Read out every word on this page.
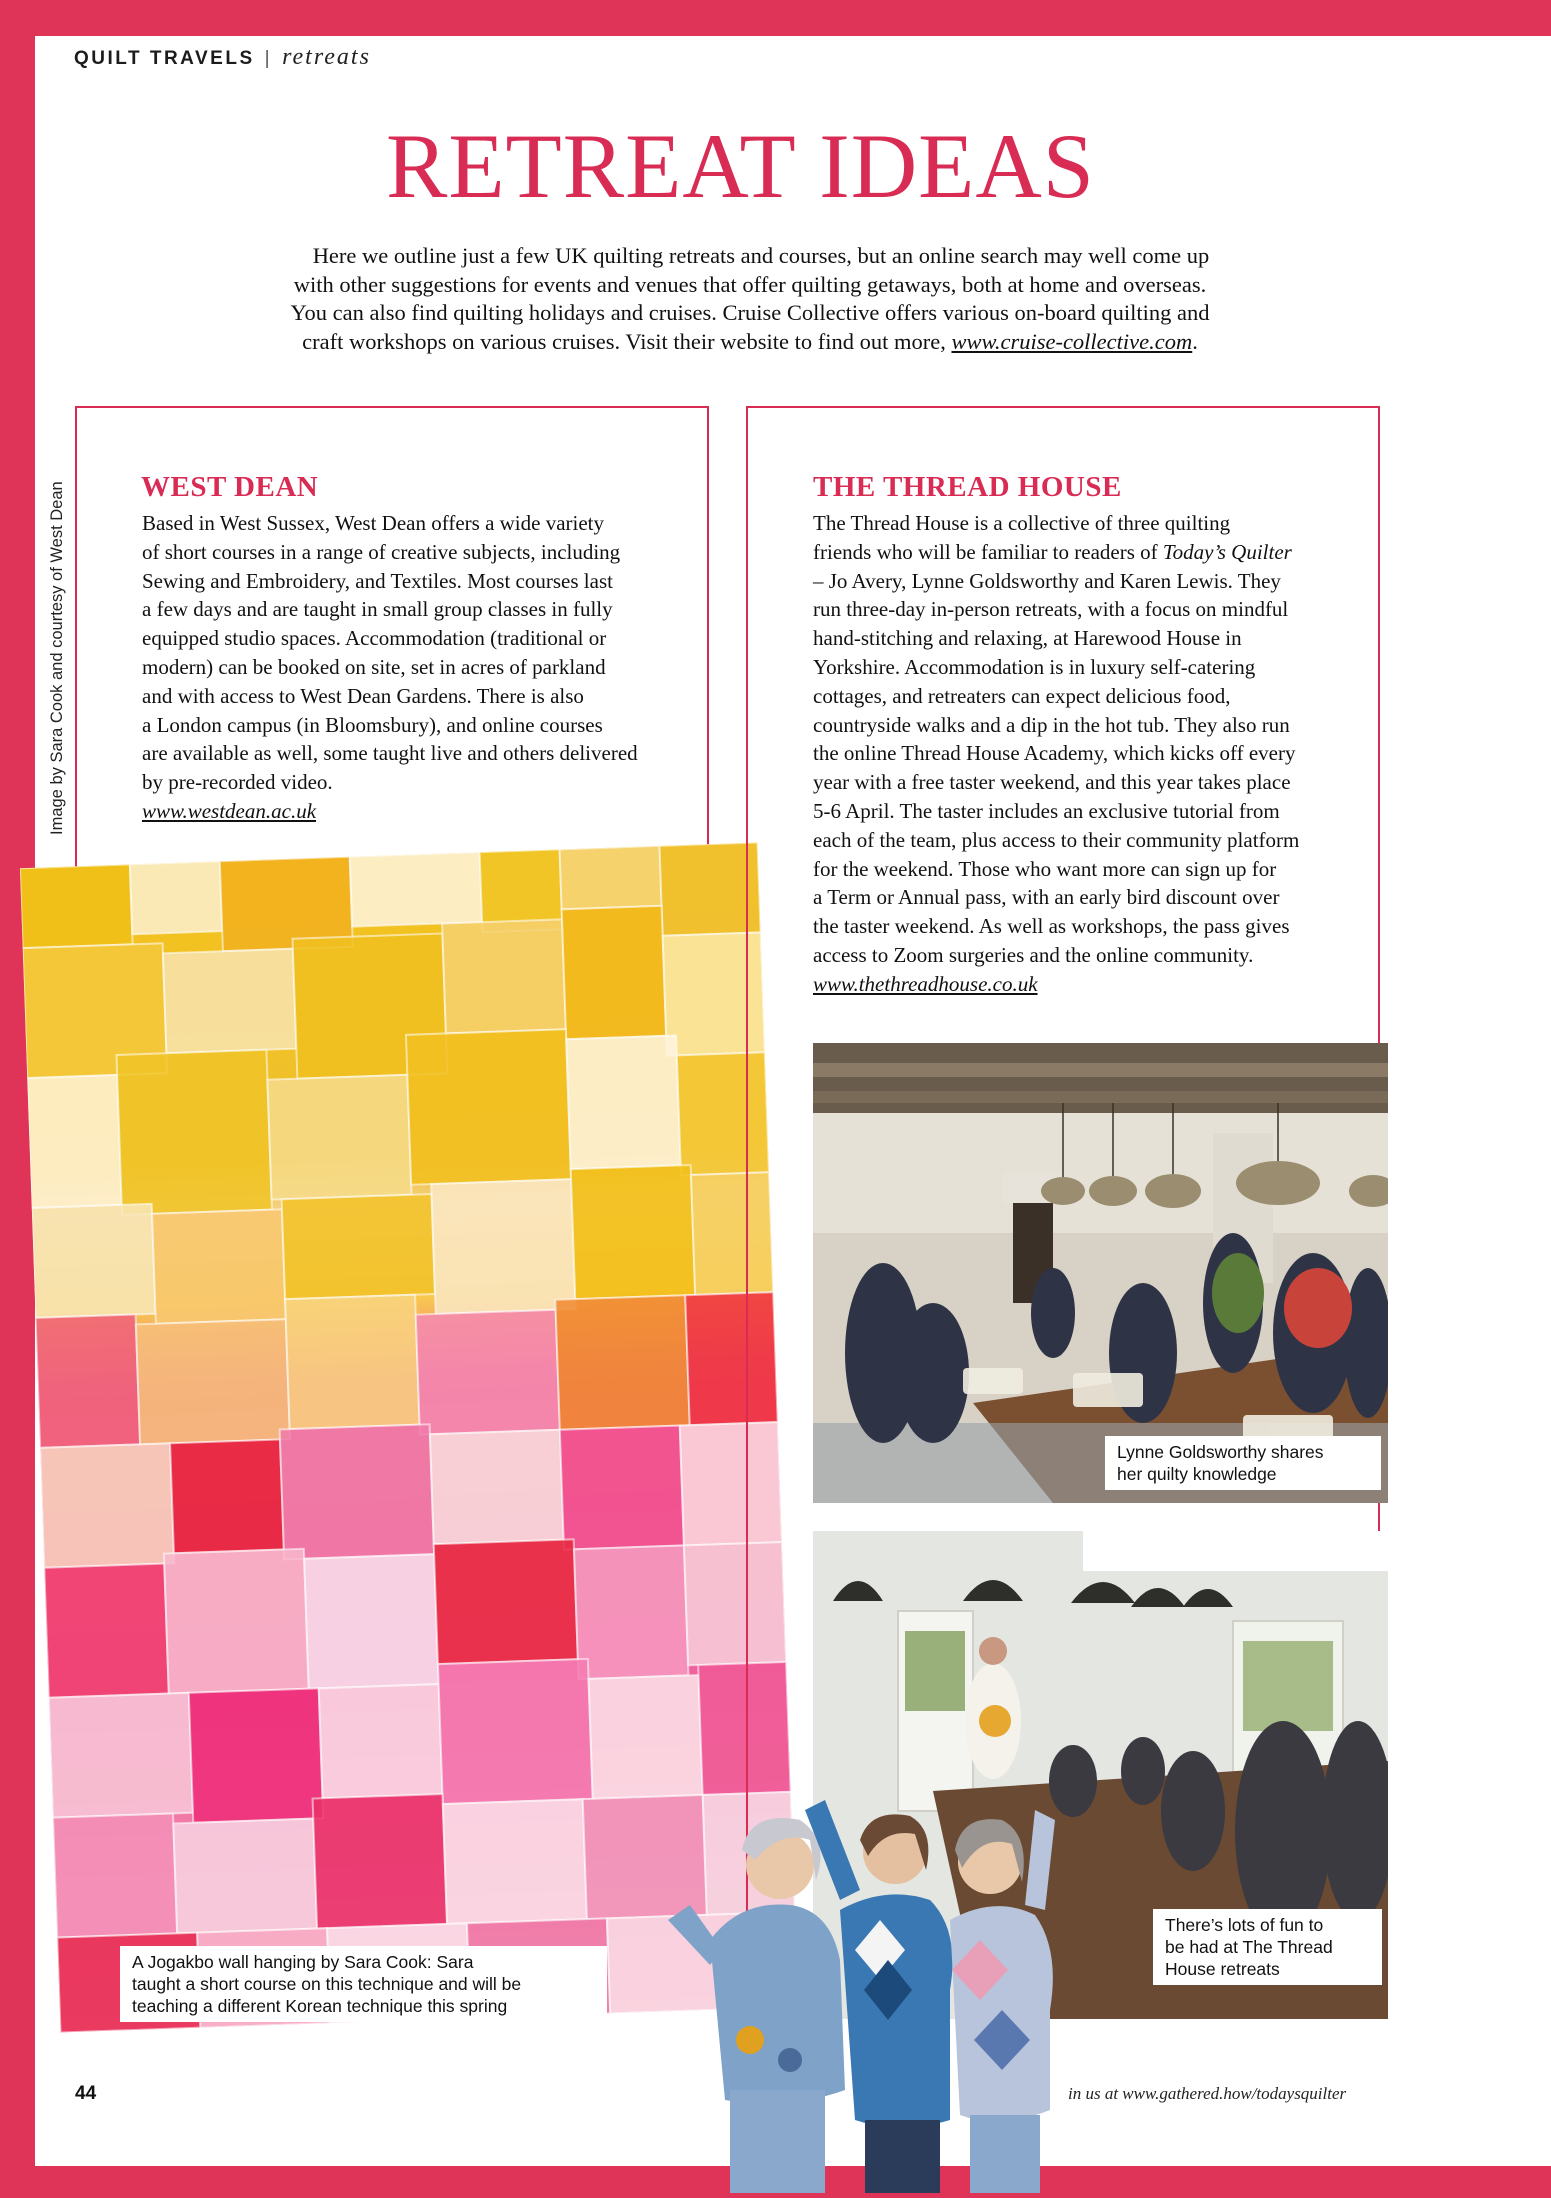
QUILT TRAVELS | retreats
RETREAT IDEAS

Here we outline just a few UK quilting retreats and courses, but an online search may well come up

with other suggestions for events and venues that offer quilting getaways, both at home and overseas.

You can also find quilting holidays and cruises. Cruise Collective offers various on-board quilting and

craft workshops on various cruises. Visit their website to find out more, www.cruise-collective.com.

Image by Sara Cook and courtesy of West Dean	WEST DEAN

Based in West Sussex, West Dean offers a wide variety

of short courses in a range of creative subjects, including

Sewing and Embroidery, and Textiles. Most courses last

a few days and are taught in small group classes in fully

equipped studio spaces. Accommodation (traditional or

modern) can be booked on site, set in acres of parkland

and with access to West Dean Gardens. There is also

a London campus (in Bloomsbury), and online courses

are available as well, some taught live and others delivered

by pre-recorded video.

www.westdean.ac.uk

A Jogakbo wall hanging by Sara Cook: Sara
taught a short course on this technique and will be
teaching a different Korean technique this spring
THE THREAD HOUSE

The Thread House is a collective of three quilting

friends who will be familiar to readers of Today’s Quilter

– Jo Avery, Lynne Goldsworthy and Karen Lewis. They

run three-day in-person retreats, with a focus on mindful

hand-stitching and relaxing, at Harewood House in

Yorkshire. Accommodation is in luxury self-catering

cottages, and retreaters can expect delicious food,

countryside walks and a dip in the hot tub. They also run

the online Thread House Academy, which kicks off every

year with a free taster weekend, and this year takes place

5-6 April. The taster includes an exclusive tutorial from

each of the team, plus access to their community platform

for the weekend. Those who want more can sign up for

a Term or Annual pass, with an early bird discount over

the taster weekend. As well as workshops, the pass gives

access to Zoom surgeries and the online community.

www.thethreadhouse.co.uk

Lynne Goldsworthy shares
her quilty knowledge
There’s lots of fun to
be had at The Thread
House retreats
44	in us at www.gathered.how/todaysquilter
